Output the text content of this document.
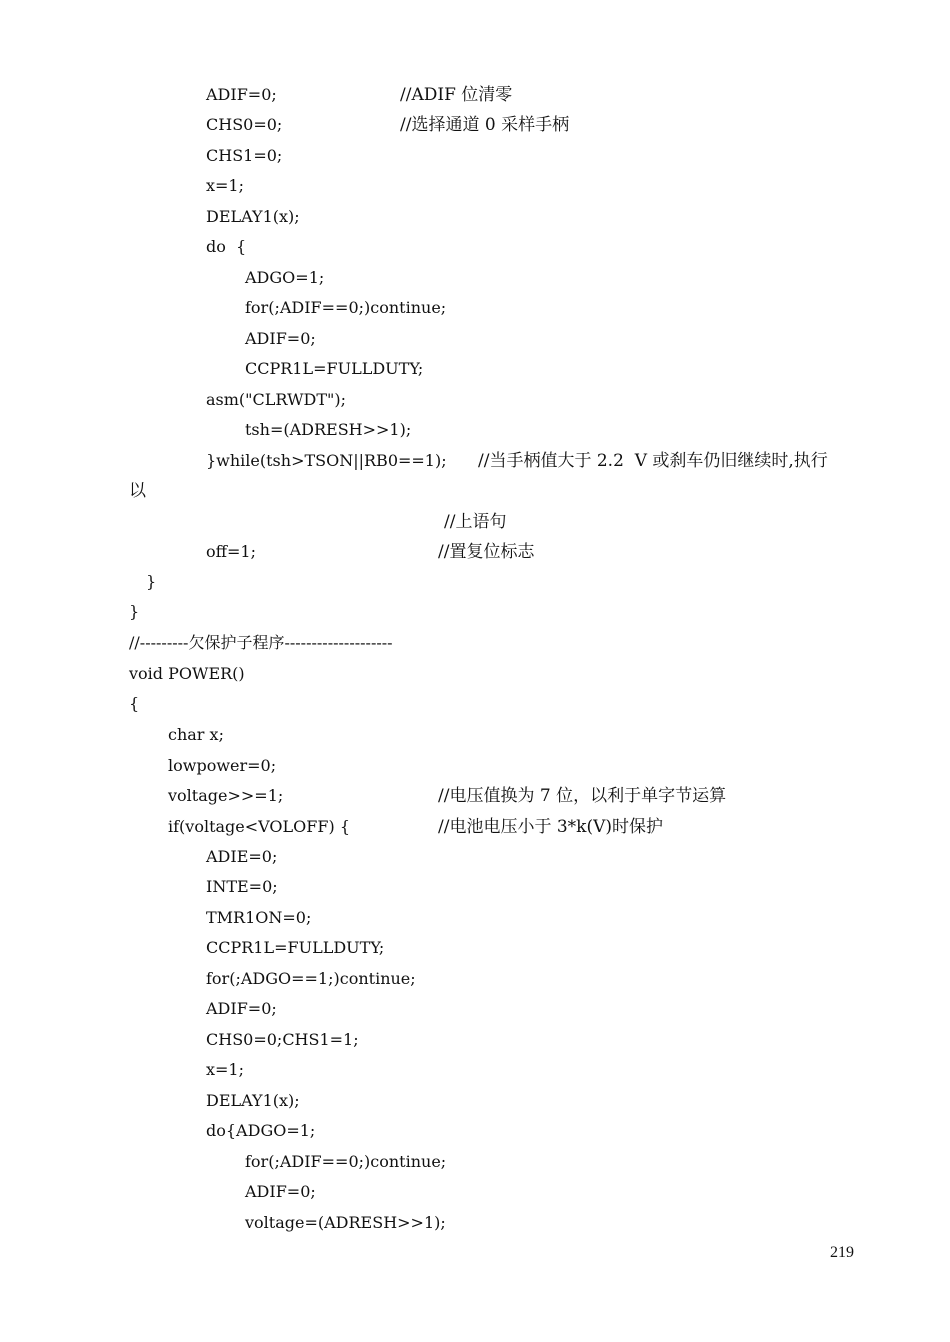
ADIF=0;	//ADIF 位清零
CHS0=0;	//选择通道 0 采样手柄
CHS1=0;
x=1;
DELAY1(x);
do  {
ADGO=1;
for(;ADIF==0;)continue;
ADIF=0;
CCPR1L=FULLDUTY;
asm("CLRWDT");
tsh=(ADRESH>>1);
}while(tsh>TSON||RB0==1); //当手柄值大于 2.2  V 或刹车仍旧继续时,执行
以
//上语句
off=1;	//置复位标志
}
}
//---------欠保护子程序--------------------
void POWER()
{
char x;
lowpower=0;
voltage>>=1;	//电压值换为 7 位，以利于单字节运算
if(voltage<VOLOFF) {	//电池电压小于 3*k(V)时保护
ADIE=0;
INTE=0;
TMR1ON=0;
CCPR1L=FULLDUTY;
for(;ADGO==1;)continue;
ADIF=0;
CHS0=0;CHS1=1;
x=1;
DELAY1(x);
do{ADGO=1;
for(;ADIF==0;)continue;
ADIF=0;
voltage=(ADRESH>>1);
219
